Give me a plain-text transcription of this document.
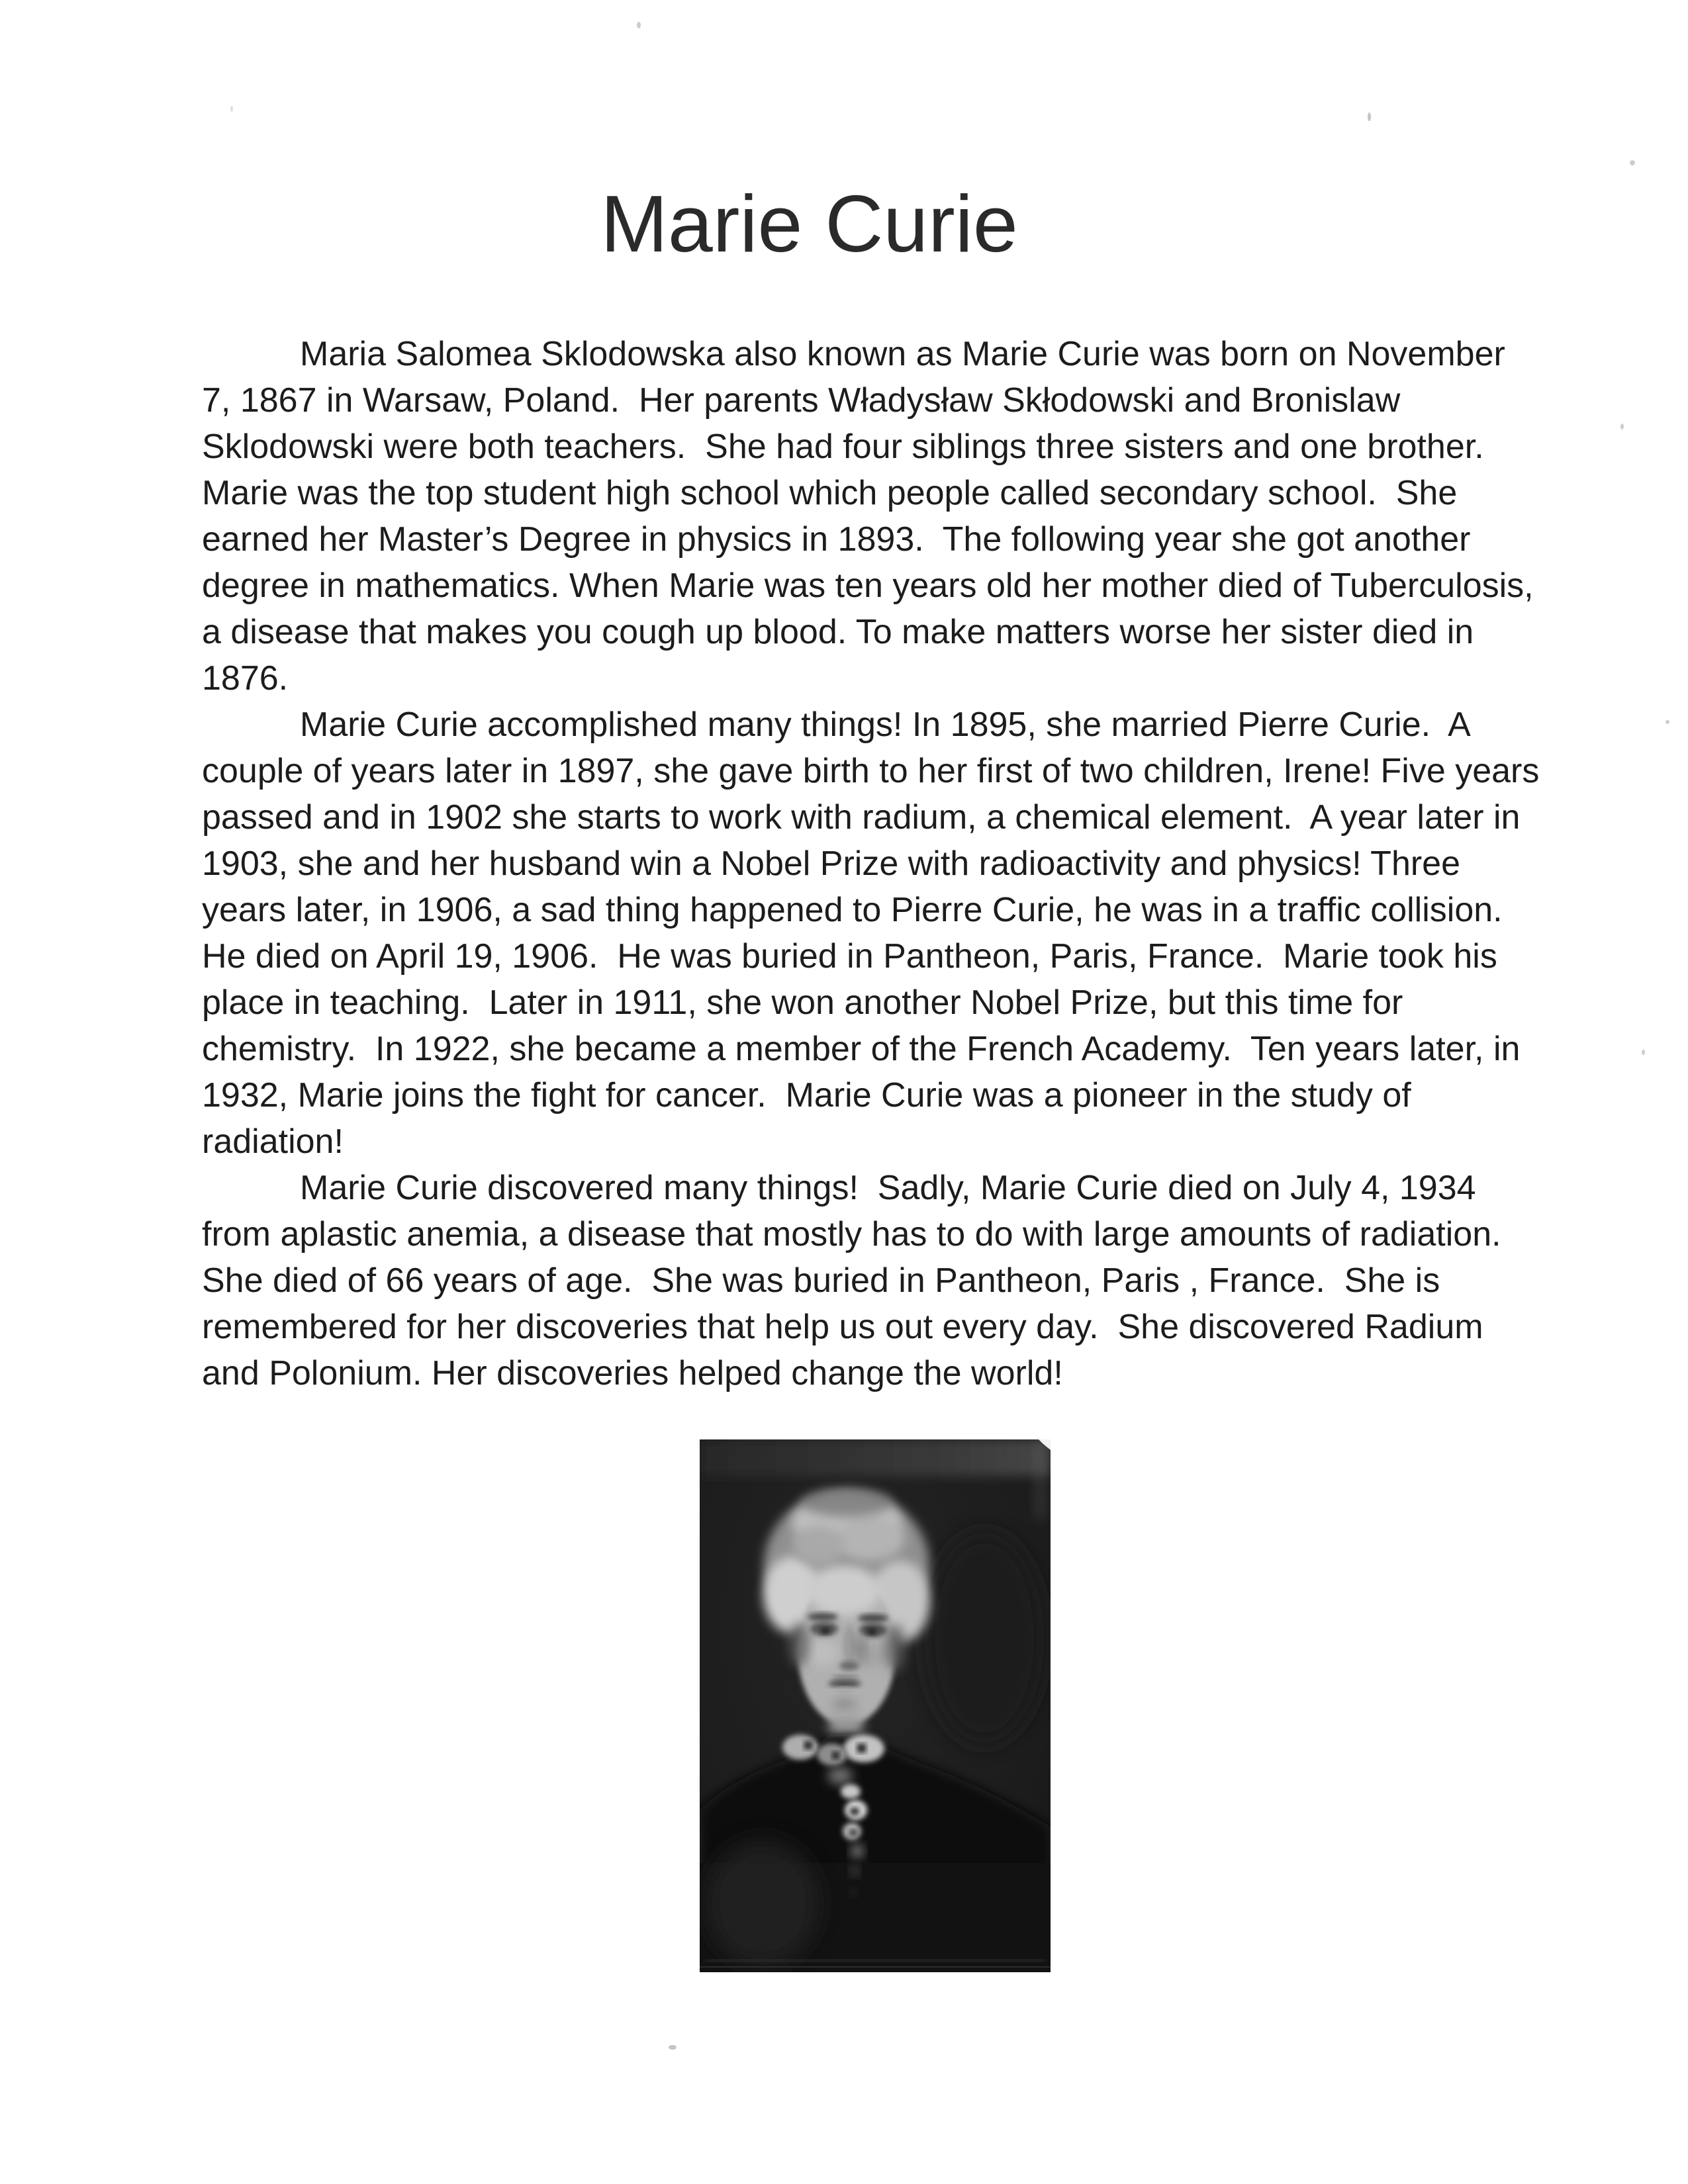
Marie Curie
Maria Salomea Sklodowska also known as Marie Curie was born on November
7, 1867 in Warsaw, Poland.  Her parents Władysław Skłodowski and Bronislaw
Sklodowski were both teachers.  She had four siblings three sisters and one brother.
Marie was the top student high school which people called secondary school.  She
earned her Master’s Degree in physics in 1893.  The following year she got another
degree in mathematics. When Marie was ten years old her mother died of Tuberculosis,
a disease that makes you cough up blood. To make matters worse her sister died in
1876.
Marie Curie accomplished many things! In 1895, she married Pierre Curie.  A
couple of years later in 1897, she gave birth to her first of two children, Irene! Five years
passed and in 1902 she starts to work with radium, a chemical element.  A year later in
1903, she and her husband win a Nobel Prize with radioactivity and physics! Three
years later, in 1906, a sad thing happened to Pierre Curie, he was in a traffic collision.
He died on April 19, 1906.  He was buried in Pantheon, Paris, France.  Marie took his
place in teaching.  Later in 1911, she won another Nobel Prize, but this time for
chemistry.  In 1922, she became a member of the French Academy.  Ten years later, in
1932, Marie joins the fight for cancer.  Marie Curie was a pioneer in the study of
radiation!
Marie Curie discovered many things!  Sadly, Marie Curie died on July 4, 1934
from aplastic anemia, a disease that mostly has to do with large amounts of radiation.
She died of 66 years of age.  She was buried in Pantheon, Paris , France.  She is
remembered for her discoveries that help us out every day.  She discovered Radium
and Polonium. Her discoveries helped change the world!
